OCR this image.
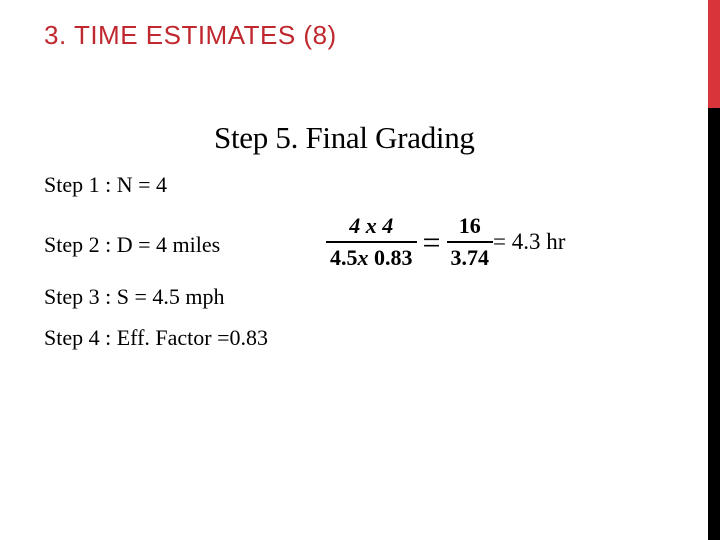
3. TIME ESTIMATES (8)
Step 5. Final Grading
Step 1 : N = 4
Step 2 : D = 4 miles
Step 3 : S = 4.5 mph
Step 4 : Eff. Factor =0.83
$\frac{4 x 4}{4.5x 0.83} = \frac{16}{3.74} = 4.3$ hr
